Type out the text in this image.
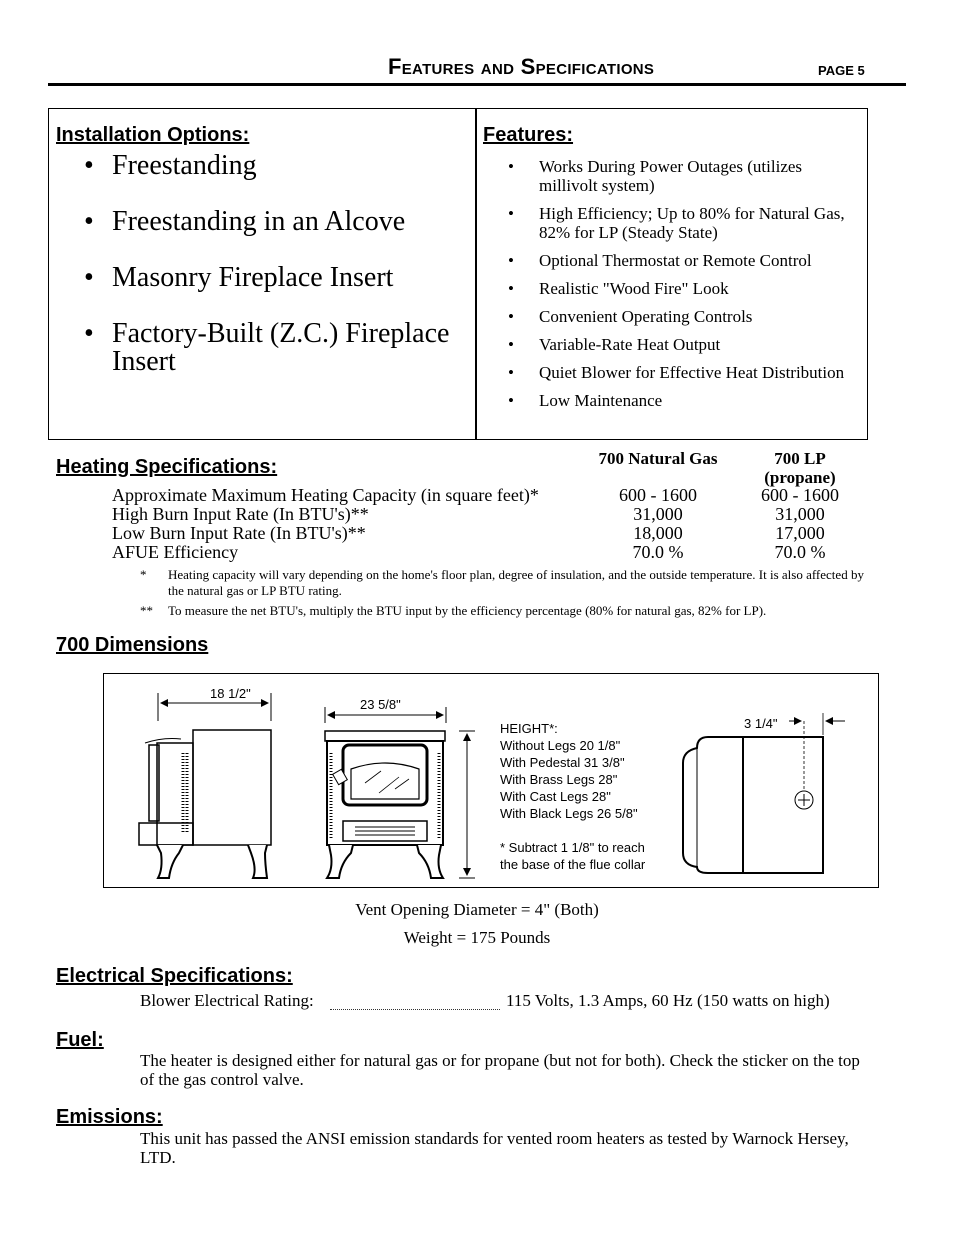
Features and Specifications	PAGE 5
Installation Options:
• Freestanding
• Freestanding in an Alcove
• Masonry Fireplace Insert
• Factory-Built (Z.C.) Fireplace Insert
Features:
• Works During Power Outages (utilizes millivolt system)
• High Efficiency; Up to 80% for Natural Gas, 82% for LP (Steady State)
• Optional Thermostat or Remote Control
• Realistic "Wood Fire" Look
• Convenient Operating Controls
• Variable-Rate Heat Output
• Quiet Blower for Effective Heat Distribution
• Low Maintenance
Heating Specifications:	700 Natural Gas	700 LP (propane)
Approximate Maximum Heating Capacity (in square feet)*	600 - 1600	600 - 1600
High Burn Input Rate (In BTU's)**	31,000	31,000
Low Burn Input Rate (In BTU's)**	18,000	17,000
AFUE Efficiency	70.0 %	70.0 %
* Heating capacity will vary depending on the home's floor plan, degree of insulation, and the outside temperature. It is also affected by the natural gas or LP BTU rating.
** To measure the net BTU's, multiply the BTU input by the efficiency percentage (80% for natural gas, 82% for LP).
700 Dimensions
18 1/2"
23 5/8"
3 1/4"
HEIGHT*:
Without Legs 20 1/8"
With Pedestal 31 3/8"
With Brass Legs 28"
With Cast Legs 28"
With Black Legs 26 5/8"
* Subtract 1 1/8" to reach
the base of the flue collar
Vent Opening Diameter = 4" (Both)
Weight = 175 Pounds
Electrical Specifications:
Blower Electrical Rating:	115 Volts, 1.3 Amps, 60 Hz (150 watts on high)
Fuel:
The heater is designed either for natural gas or for propane (but not for both). Check the sticker on the top of the gas control valve.
Emissions:
This unit has passed the ANSI emission standards for vented room heaters as tested by Warnock Hersey, LTD.
